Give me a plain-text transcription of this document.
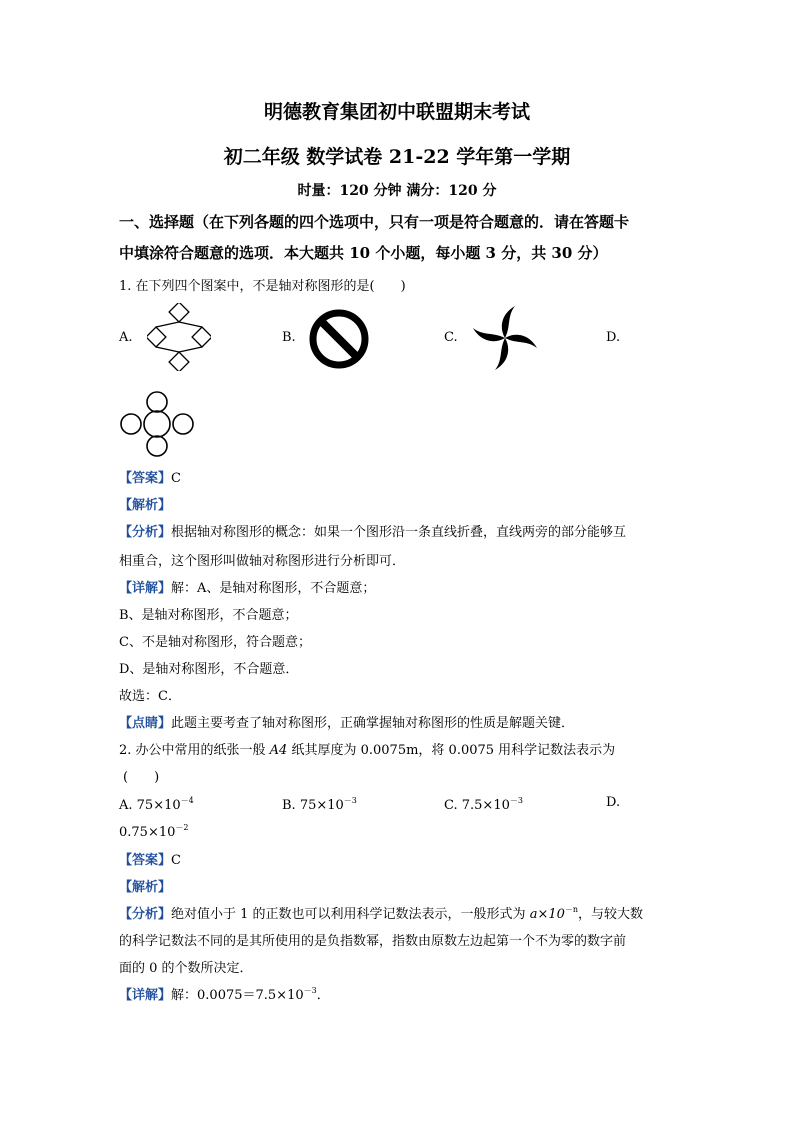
明德教育集团初中联盟期末考试
初二年级 数学试卷 21-22 学年第一学期
时量：120 分钟 满分：120 分
一、选择题（在下列各题的四个选项中，只有一项是符合题意的．请在答题卡
中填涂符合题意的选项．本大题共 10 个小题，每小题 3 分，共 30 分）
1. 在下列四个图案中，不是轴对称图形的是(　　)
A.	B.	C.	D.
【答案】C
【解析】
【分析】根据轴对称图形的概念：如果一个图形沿一条直线折叠，直线两旁的部分能够互
相重合，这个图形叫做轴对称图形进行分析即可．
【详解】解：A、是轴对称图形，不合题意；
B、是轴对称图形，不合题意；
C、不是轴对称图形，符合题意；
D、是轴对称图形，不合题意．
故选：C．
【点睛】此题主要考查了轴对称图形，正确掌握轴对称图形的性质是解题关键．
2. 办公中常用的纸张一般 A4 纸其厚度为 0.0075m，将 0.0075 用科学记数法表示为
(　　)
A. $75\times 10^{-4}$	B. $75\times 10^{-3}$	C. $7.5\times 10^{-3}$	D.
$0.75\times 10^{-2}$
【答案】C
【解析】
【分析】绝对值小于 1 的正数也可以利用科学记数法表示，一般形式为 $a\times 10^{-n}$，与较大数
的科学记数法不同的是其所使用的是负指数幂，指数由原数左边起第一个不为零的数字前
面的 0 的个数所决定．
【详解】解：$0.0075=7.5\times 10^{-3}$．
